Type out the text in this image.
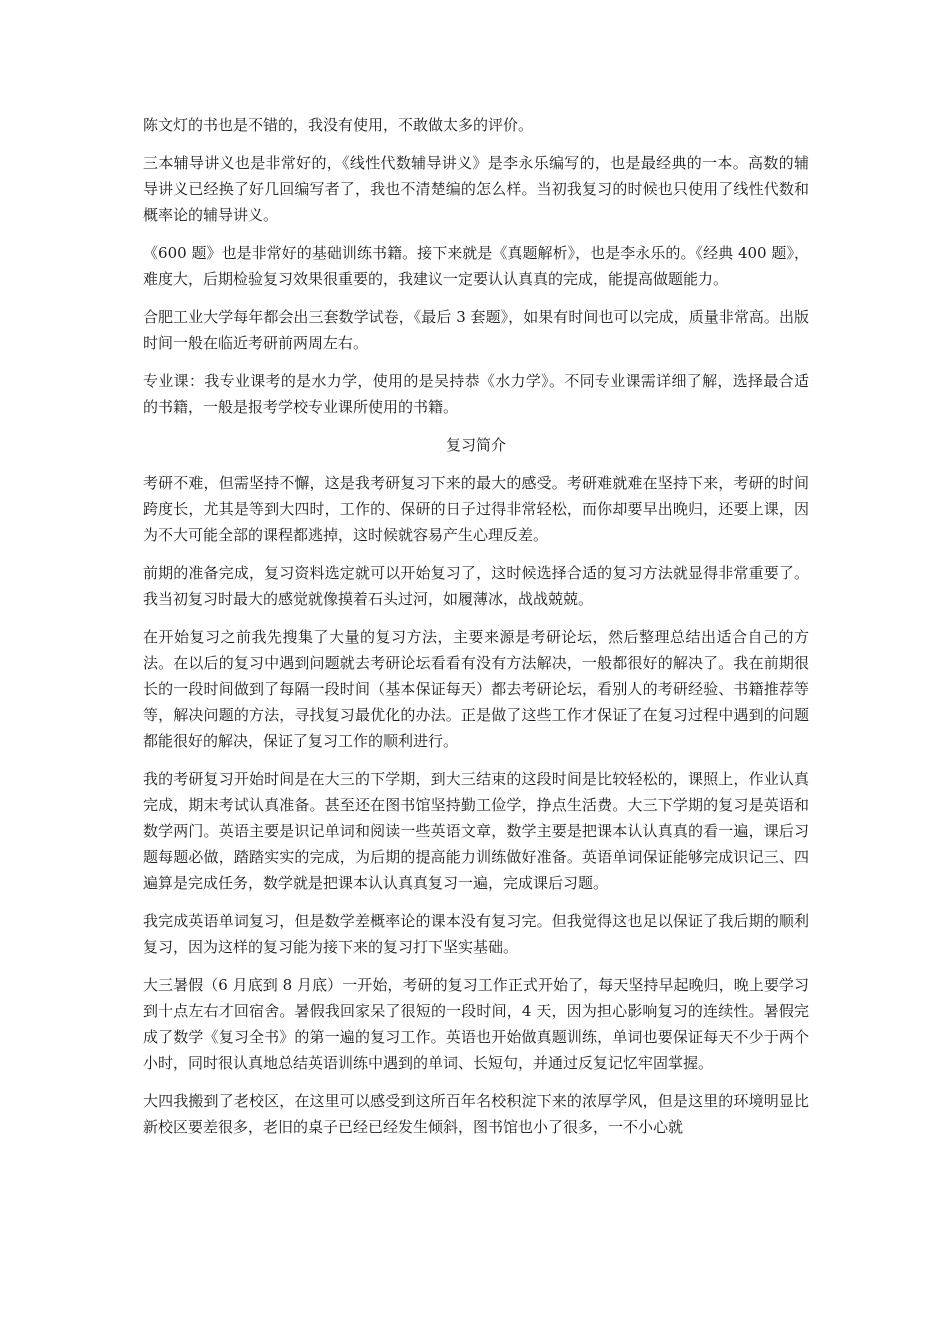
陈文灯的书也是不错的，我没有使用，不敢做太多的评价。

三本辅导讲义也是非常好的，《线性代数辅导讲义》是李永乐编写的，也是最经典的一本。高数的辅导讲义已经换了好几回编写者了，我也不清楚编的怎么样。当初我复习的时候也只使用了线性代数和概率论的辅导讲义。

《600 题》也是非常好的基础训练书籍。接下来就是《真题解析》，也是李永乐的。《经典 400 题》，难度大，后期检验复习效果很重要的，我建议一定要认认真真的完成，能提高做题能力。

合肥工业大学每年都会出三套数学试卷，《最后 3 套题》，如果有时间也可以完成，质量非常高。出版时间一般在临近考研前两周左右。

专业课：我专业课考的是水力学，使用的是吴持恭《水力学》。不同专业课需详细了解，选择最合适的书籍，一般是报考学校专业课所使用的书籍。

复习简介

考研不难，但需坚持不懈，这是我考研复习下来的最大的感受。考研难就难在坚持下来，考研的时间跨度长，尤其是等到大四时，工作的、保研的日子过得非常轻松，而你却要早出晚归，还要上课，因为不大可能全部的课程都逃掉，这时候就容易产生心理反差。

前期的准备完成，复习资料选定就可以开始复习了，这时候选择合适的复习方法就显得非常重要了。我当初复习时最大的感觉就像摸着石头过河，如履薄冰，战战兢兢。

在开始复习之前我先搜集了大量的复习方法，主要来源是考研论坛，然后整理总结出适合自己的方法。在以后的复习中遇到问题就去考研论坛看看有没有方法解决，一般都很好的解决了。我在前期很长的一段时间做到了每隔一段时间（基本保证每天）都去考研论坛，看别人的考研经验、书籍推荐等等，解决问题的方法，寻找复习最优化的办法。正是做了这些工作才保证了在复习过程中遇到的问题都能很好的解决，保证了复习工作的顺利进行。

我的考研复习开始时间是在大三的下学期，到大三结束的这段时间是比较轻松的，课照上，作业认真完成，期末考试认真准备。甚至还在图书馆坚持勤工俭学，挣点生活费。大三下学期的复习是英语和数学两门。英语主要是识记单词和阅读一些英语文章，数学主要是把课本认认真真的看一遍，课后习题每题必做，踏踏实实的完成，为后期的提高能力训练做好准备。英语单词保证能够完成识记三、四遍算是完成任务，数学就是把课本认认真真复习一遍，完成课后习题。

我完成英语单词复习，但是数学差概率论的课本没有复习完。但我觉得这也足以保证了我后期的顺利复习，因为这样的复习能为接下来的复习打下坚实基础。

大三暑假（6 月底到 8 月底）一开始，考研的复习工作正式开始了，每天坚持早起晚归，晚上要学习到十点左右才回宿舍。暑假我回家呆了很短的一段时间，4 天，因为担心影响复习的连续性。暑假完成了数学《复习全书》的第一遍的复习工作。英语也开始做真题训练，单词也要保证每天不少于两个小时，同时很认真地总结英语训练中遇到的单词、长短句，并通过反复记忆牢固掌握。

大四我搬到了老校区，在这里可以感受到这所百年名校积淀下来的浓厚学风，但是这里的环境明显比新校区要差很多，老旧的桌子已经已经发生倾斜，图书馆也小了很多，一不小心就
